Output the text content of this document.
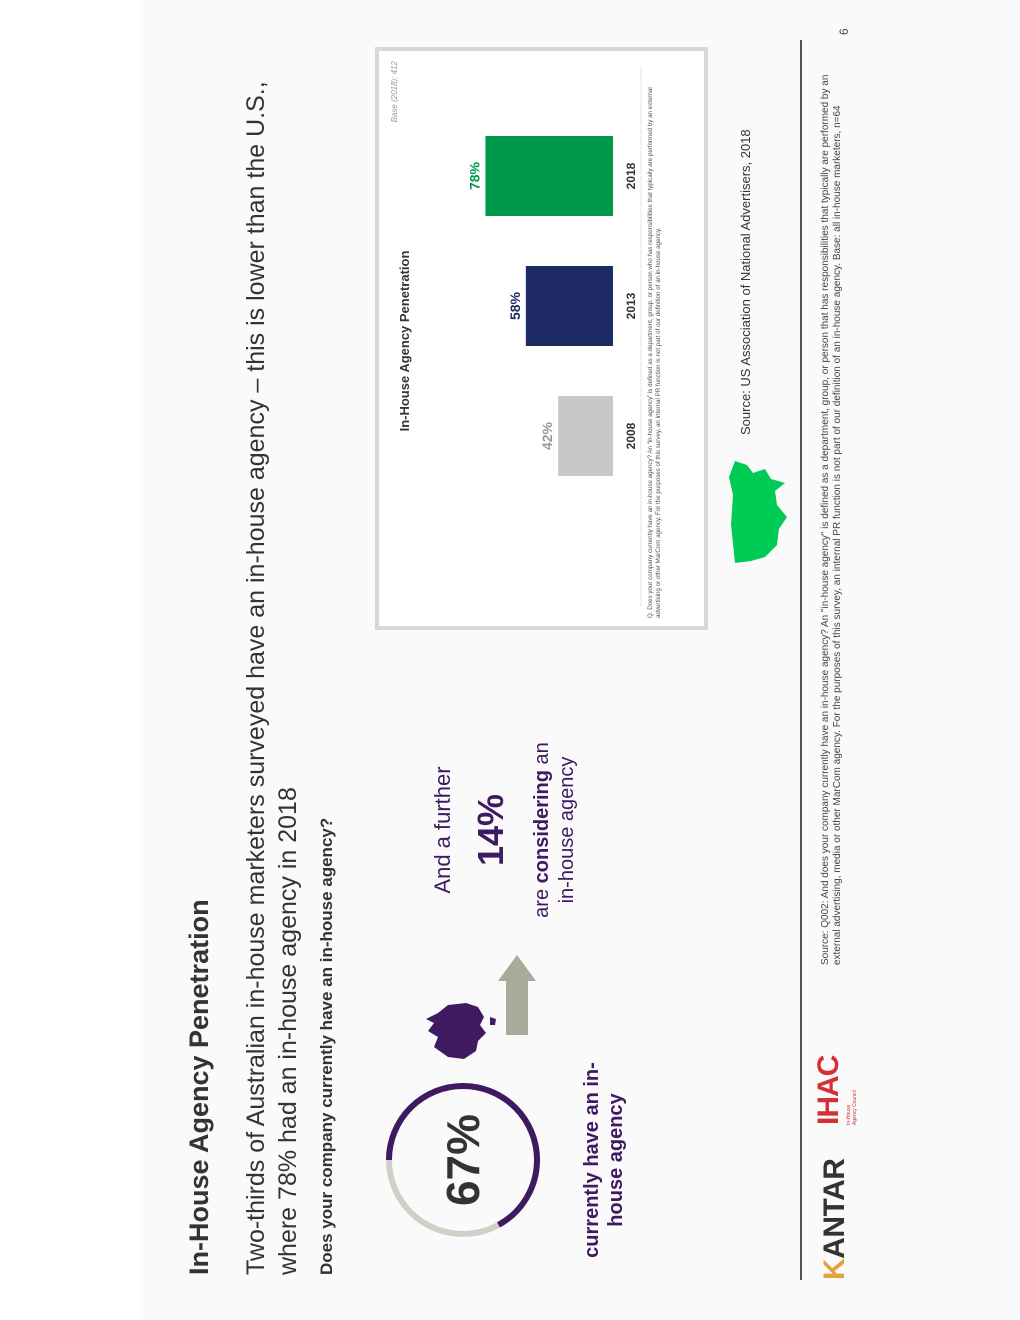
In-House Agency Penetration Two-thirds of Australian in-house marketers surveyed have an in-house agency – this is lower than the U.S., where 78% had an in-house agency in 2018 Does your company currently have an in-house agency?	67%	currently have an in-house agency
And a further 14%
are considering an
in-house agency
In-House Agency Penetration
Base (2018): 412
42%	2008
58%	2013
78%	2018 Q. Does your company currently have an in-house agency? An “in-house agency” is defined as a department, group, or person who has responsibilities that typically are performed by an external advertising or other MarCom agency. For the purposes of this survey, an internal PR function is not part of our definition of an in-house agency.	Source: US Association of National Advertisers, 2018
KANTAR
IHAC In-House Agency Council
Source: Q002: And does your company currently have an in-house agency? An "in-house agency" is defined as a department, group, or person that has responsibilities that typically are performed by an external advertising, media or other MarCom agency. For the purposes of this survey, an internal PR function is not part of our definition of an in-house agency. Base: all in-house marketers, n=64
6
